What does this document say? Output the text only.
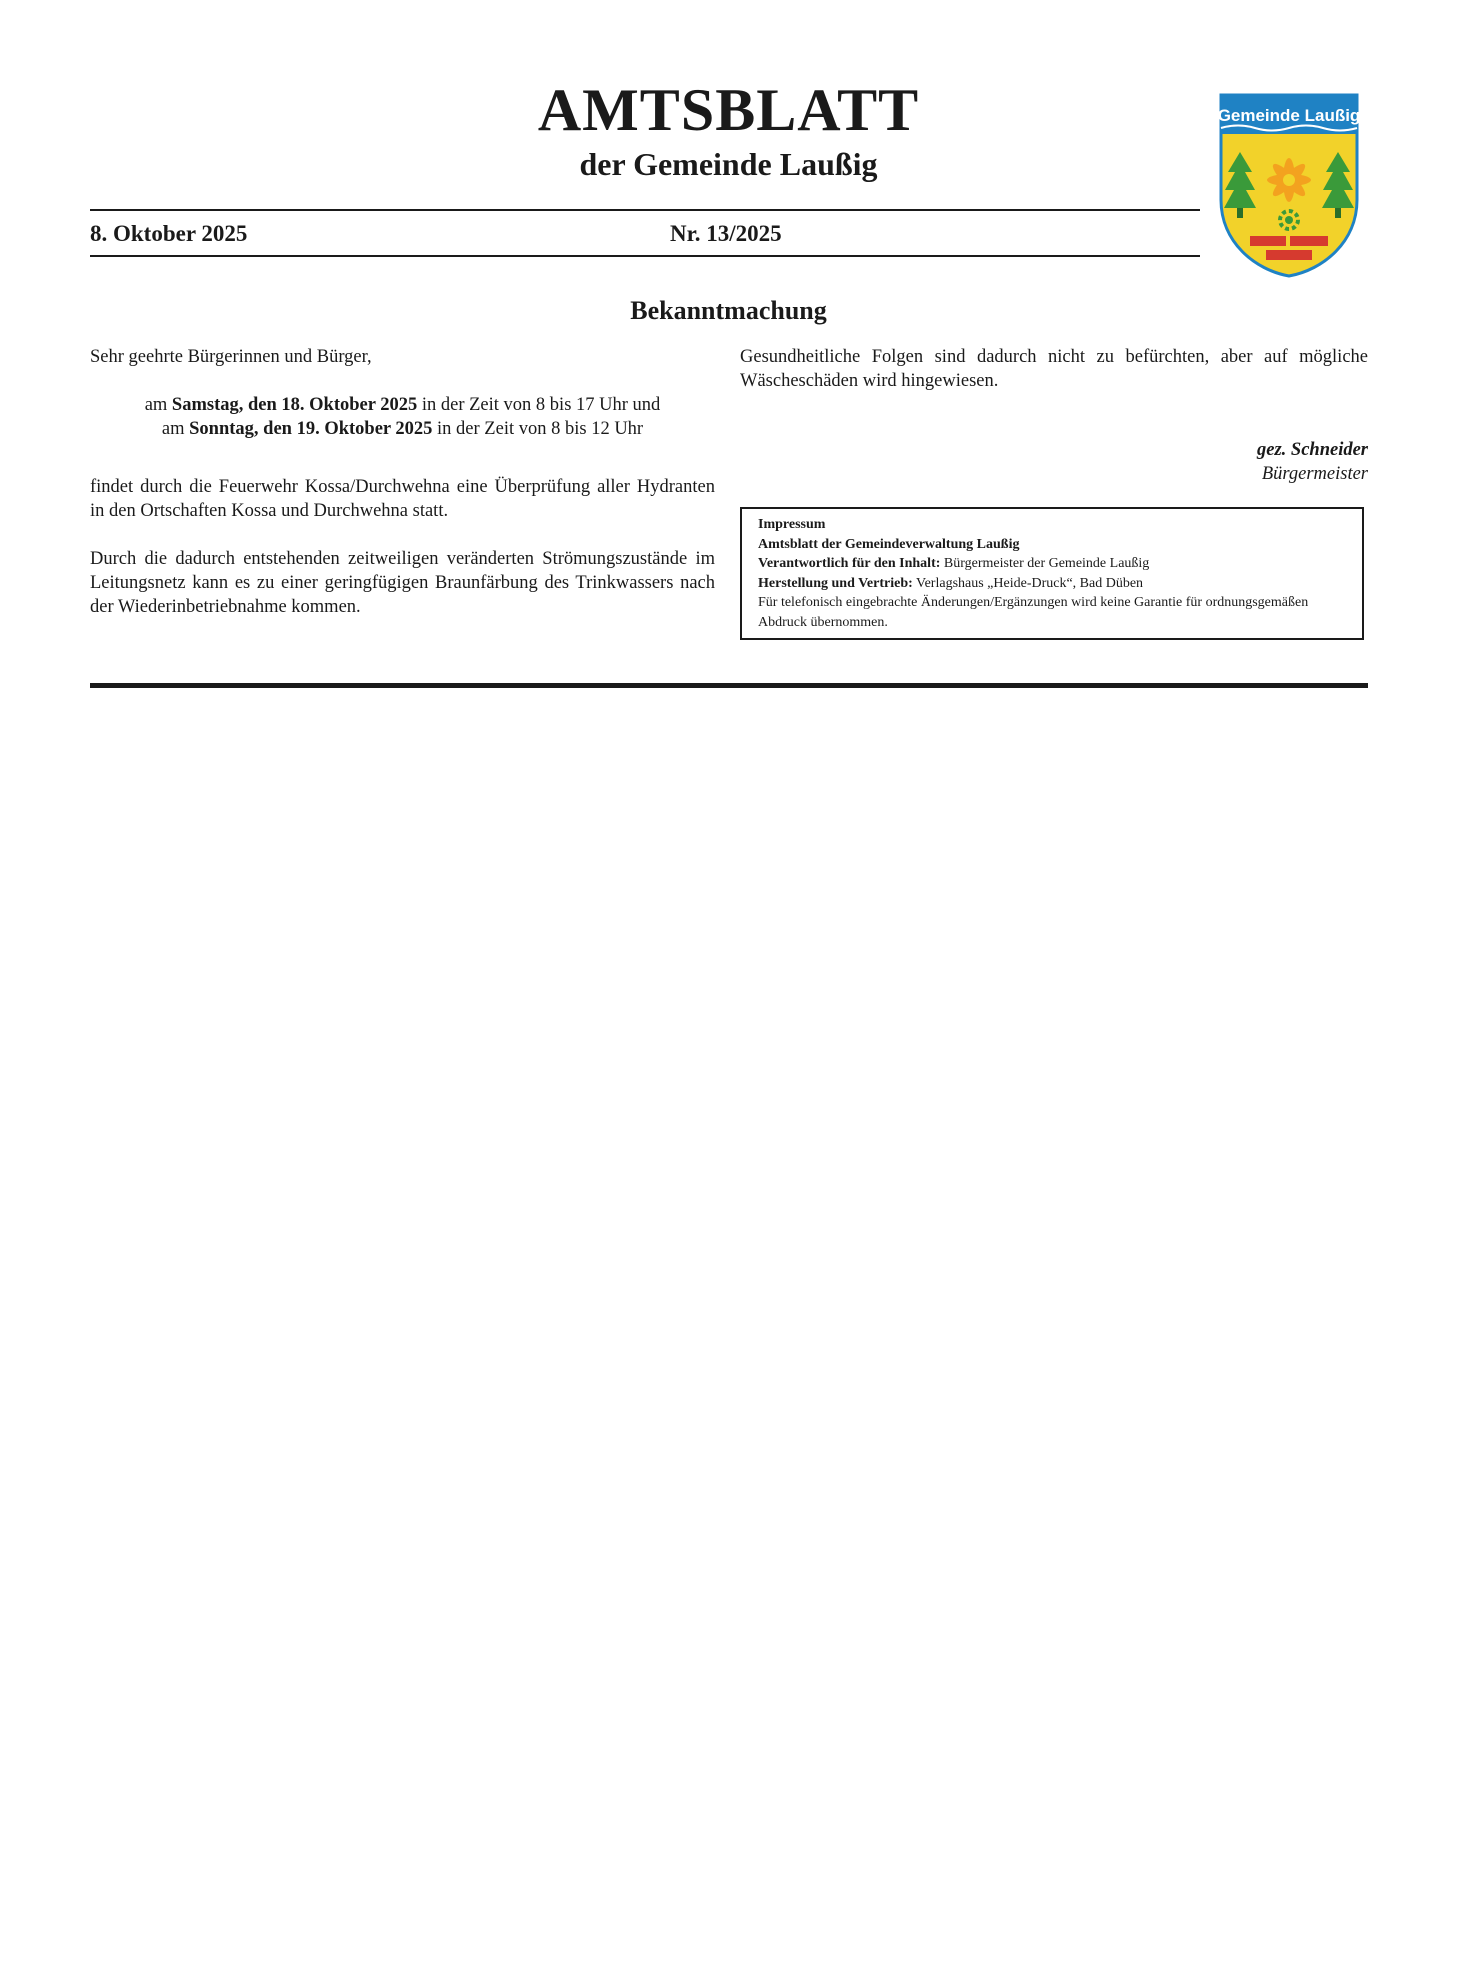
AMTSBLATT
der Gemeinde Laußig
Gemeinde Laußig
8. Oktober 2025	Nr. 13/2025
Bekanntmachung

Sehr geehrte Bürgerinnen und Bürger,

am Samstag, den 18. Oktober 2025 in der Zeit von 8 bis 17 Uhr und

am Sonntag, den 19. Oktober 2025 in der Zeit von 8 bis 12 Uhr

findet durch die Feuerwehr Kossa/Durchwehna eine Überprüfung aller Hydranten in den Ortschaften Kossa und Durchwehna statt.

Durch die dadurch entstehenden zeitweiligen veränderten Strömungszustände im Leitungsnetz kann es zu einer geringfügigen Braunfärbung des Trinkwassers nach der Wiederinbetriebnahme kommen.

Gesundheitliche Folgen sind dadurch nicht zu befürchten, aber auf mögliche Wäscheschäden wird hingewiesen.

gez. Schneider

Bürgermeister

Impressum
Amtsblatt der Gemeindeverwaltung Laußig
Verantwortlich für den Inhalt: Bürgermeister der Gemeinde Laußig
Herstellung und Vertrieb: Verlagshaus „Heide-Druck“, Bad Düben
Für telefonisch eingebrachte Änderungen/Ergänzungen wird keine Garantie für ordnungsgemäßen Abdruck übernommen.
